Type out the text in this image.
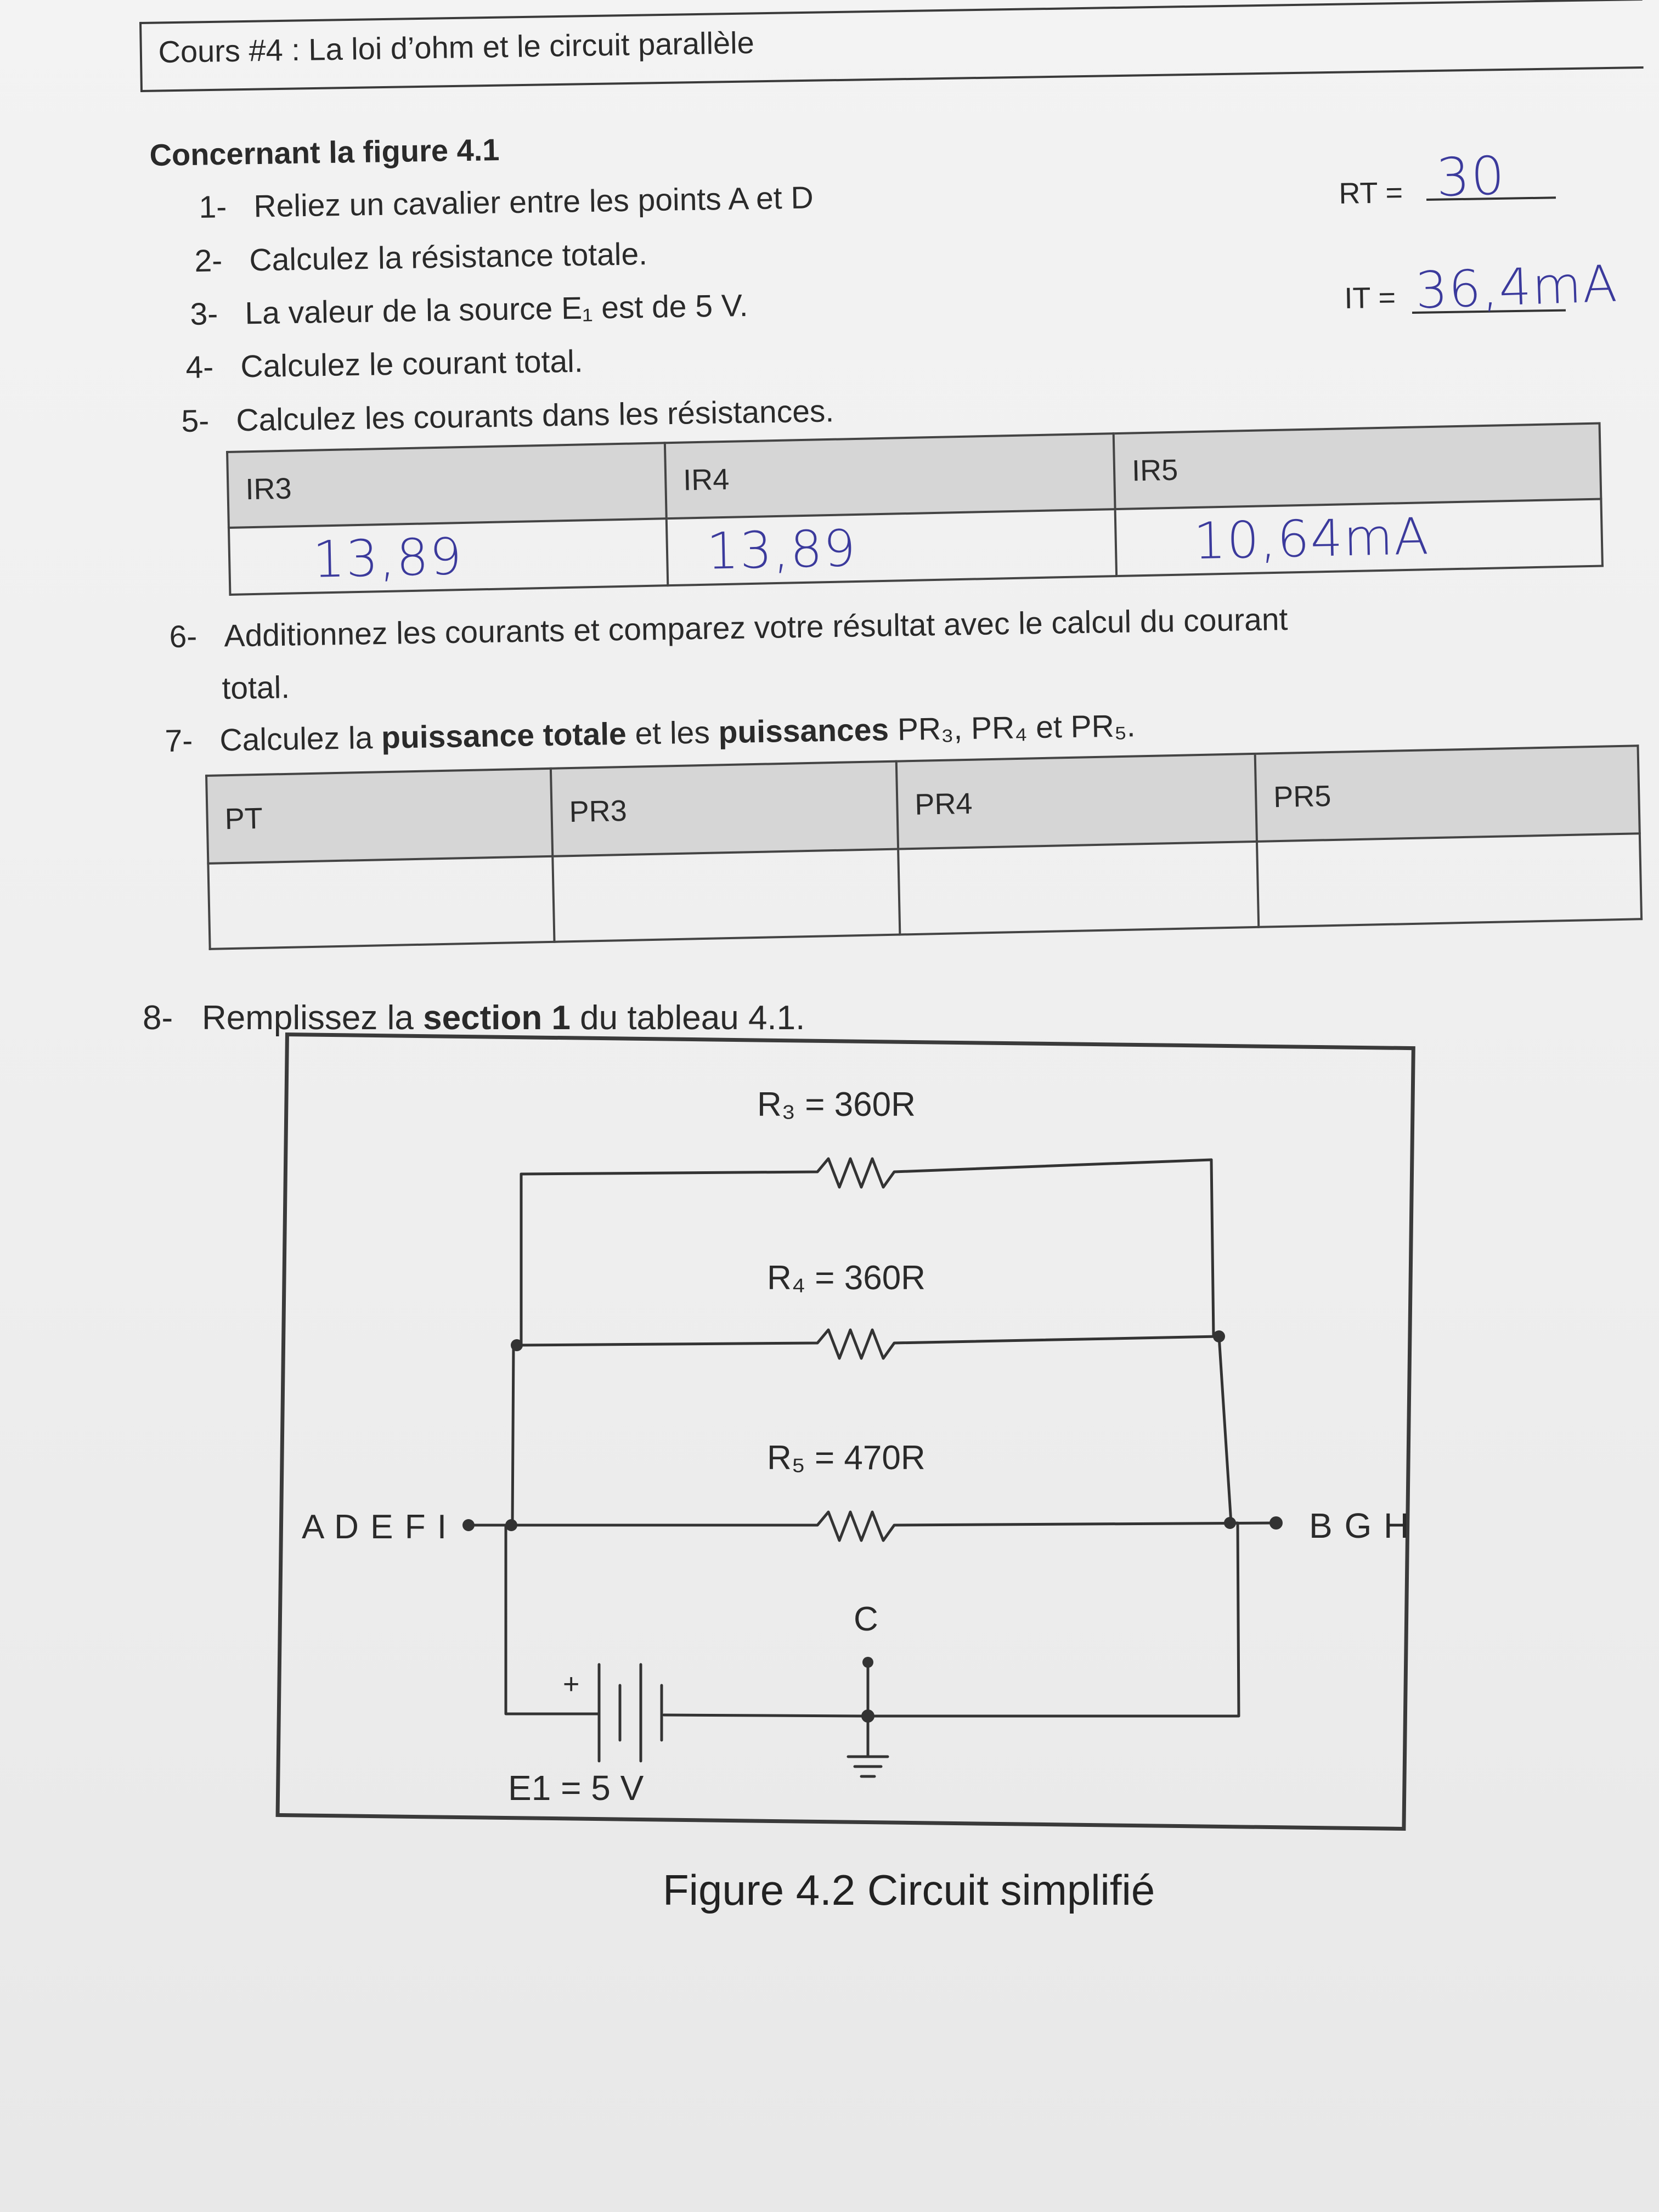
Cours #4 : La loi d’ohm et le circuit parallèle
Concernant la figure 4.1
1- Reliez un cavalier entre les points A et D
2- Calculez la résistance totale.
3- La valeur de la source E₁ est de 5 V.
4- Calculez le courant total.
5- Calculez les courants dans les résistances.
RT = 30
IT = 36,4mA
IR3	IR4	IR5
13,89	13,89	10,64mA
6- Additionnez les courants et comparez votre résultat avec le calcul du courant
total.
7- Calculez la puissance totale et les puissances PR₃, PR₄ et PR₅.
PT	PR3	PR4	PR5

8- Remplissez la section 1 du tableau 4.1.
R₃ = 360R
R₄ = 360R
R₅ = 470R
A D E F I	B G H
C
+
E1 = 5 V
Figure 4.2 Circuit simplifié
